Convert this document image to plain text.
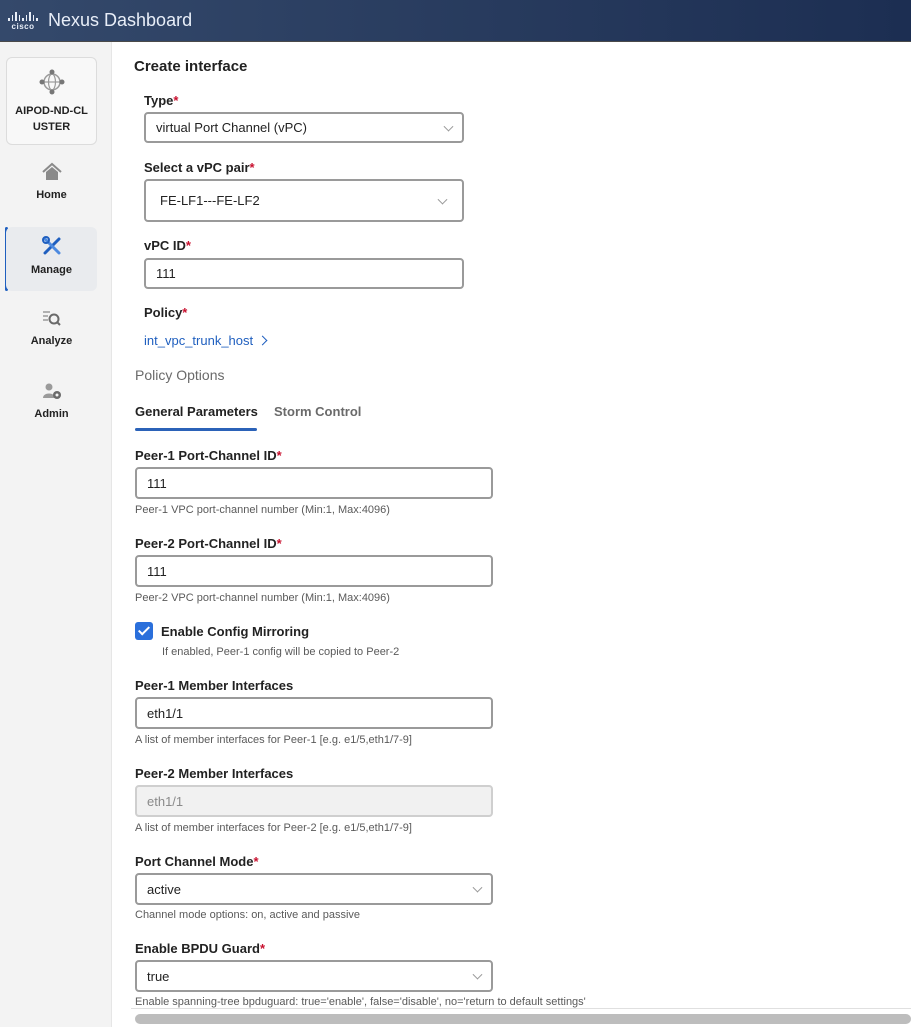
cisco Nexus Dashboard
AIPOD-ND-CL
USTER
Home
Manage
Analyze
Admin
Create interface
Type*
virtual Port Channel (vPC)
Select a vPC pair*
FE-LF1---FE-LF2
vPC ID*
111
Policy*
int_vpc_trunk_host
Policy Options
General Parameters Storm Control
Peer-1 Port-Channel ID*
111
Peer-1 VPC port-channel number (Min:1, Max:4096)
Peer-2 Port-Channel ID*
111
Peer-2 VPC port-channel number (Min:1, Max:4096)
Enable Config Mirroring
If enabled, Peer-1 config will be copied to Peer-2
Peer-1 Member Interfaces
eth1/1
A list of member interfaces for Peer-1 [e.g. e1/5,eth1/7-9]
Peer-2 Member Interfaces
eth1/1
A list of member interfaces for Peer-2 [e.g. e1/5,eth1/7-9]
Port Channel Mode*
active
Channel mode options: on, active and passive
Enable BPDU Guard*
true
Enable spanning-tree bpduguard: true='enable', false='disable', no='return to default settings'
